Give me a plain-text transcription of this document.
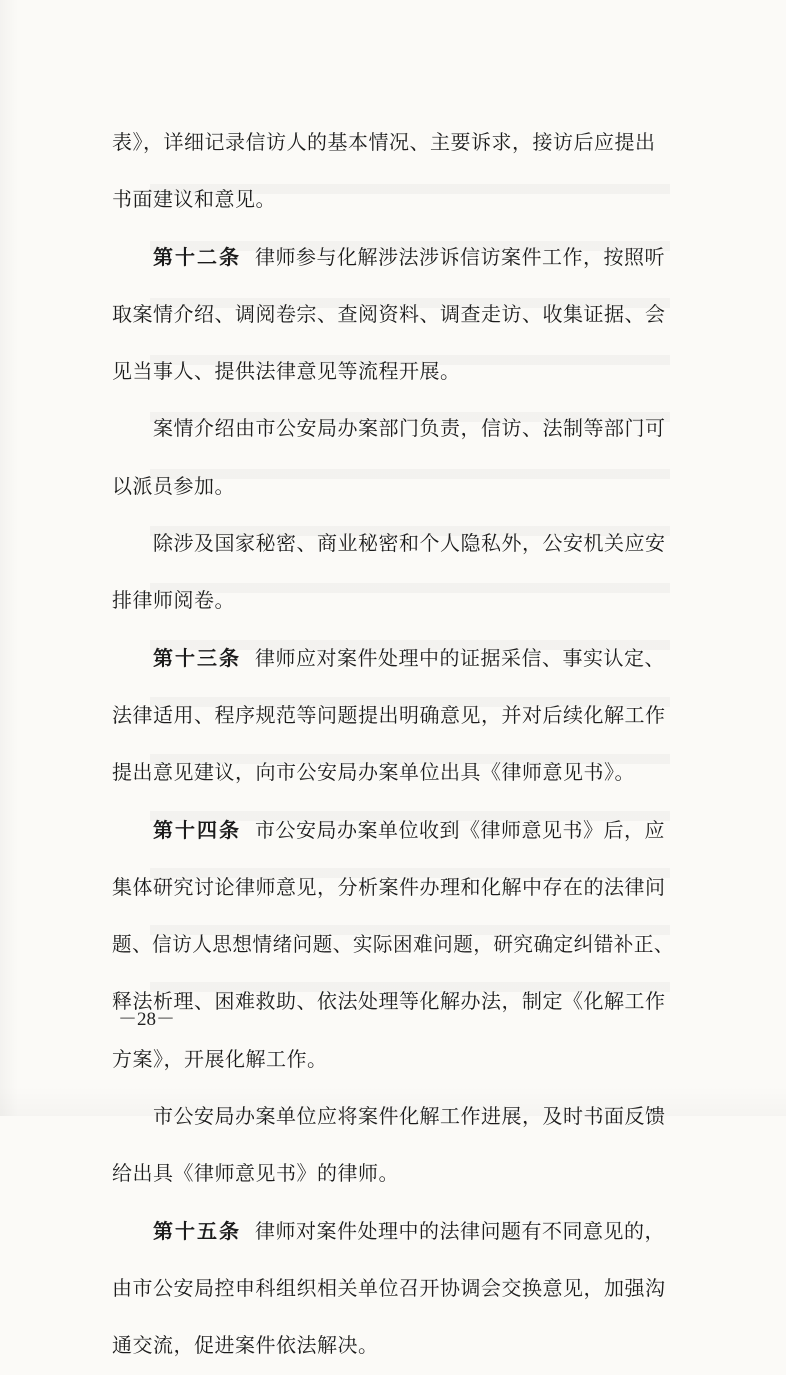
表》，详细记录信访人的基本情况、主要诉求，接访后应提出
书面建议和意见。
第十二条 律师参与化解涉法涉诉信访案件工作，按照听
取案情介绍、调阅卷宗、查阅资料、调查走访、收集证据、会
见当事人、提供法律意见等流程开展。
案情介绍由市公安局办案部门负责，信访、法制等部门可
以派员参加。
除涉及国家秘密、商业秘密和个人隐私外，公安机关应安
排律师阅卷。
第十三条 律师应对案件处理中的证据采信、事实认定、
法律适用、程序规范等问题提出明确意见，并对后续化解工作
提出意见建议，向市公安局办案单位出具《律师意见书》。
第十四条 市公安局办案单位收到《律师意见书》后，应
集体研究讨论律师意见，分析案件办理和化解中存在的法律问
题、信访人思想情绪问题、实际困难问题，研究确定纠错补正、
释法析理、困难救助、依法处理等化解办法，制定《化解工作
方案》，开展化解工作。
市公安局办案单位应将案件化解工作进展，及时书面反馈
给出具《律师意见书》的律师。
第十五条 律师对案件处理中的法律问题有不同意见的，
由市公安局控申科组织相关单位召开协调会交换意见，加强沟
通交流，促进案件依法解决。
－28－
